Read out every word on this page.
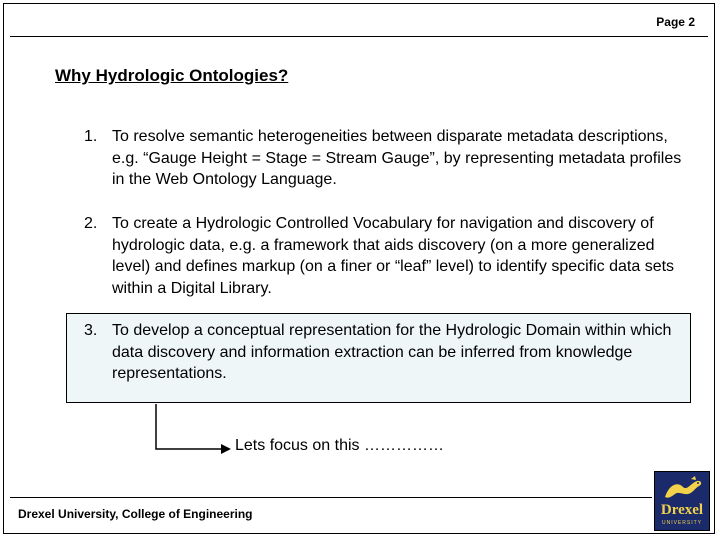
Page 2
Why Hydrologic Ontologies?
1. To resolve semantic heterogeneities between disparate metadata descriptions, e.g. “Gauge Height = Stage = Stream Gauge”, by representing metadata profiles in the Web Ontology Language.
2. To create a Hydrologic Controlled Vocabulary for navigation and discovery of hydrologic data, e.g. a framework that aids discovery (on a more generalized level) and defines markup (on a finer or “leaf” level) to identify specific data sets within a Digital Library.
3. To develop a conceptual representation for the Hydrologic Domain within which data discovery and information extraction can be inferred from knowledge representations.
Lets focus on this ……………
Drexel University, College of Engineering	Drexel
UNIVERSITY
